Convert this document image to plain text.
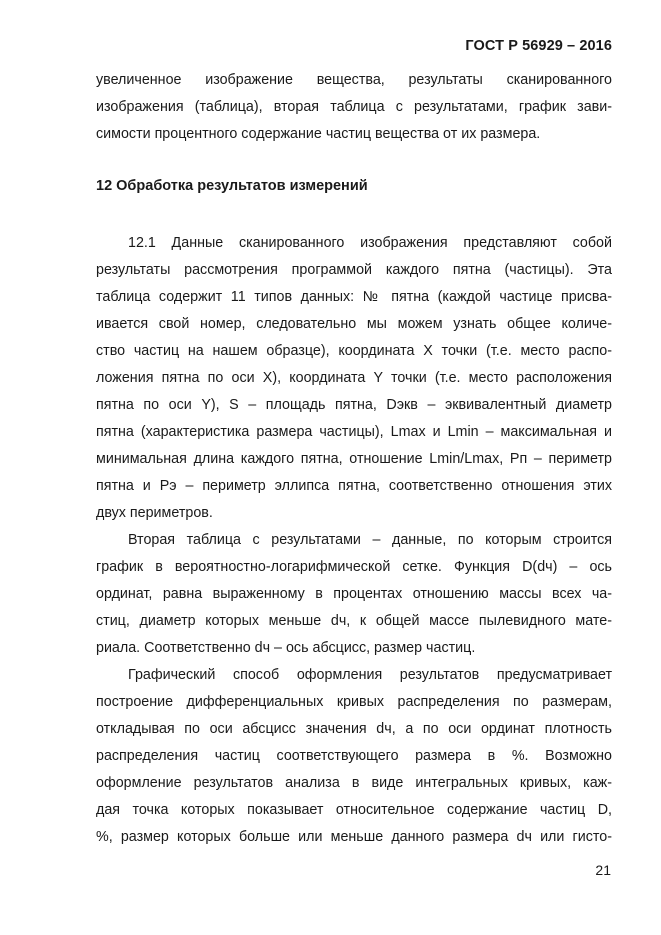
ГОСТ Р 56929 – 2016
увеличенное изображение вещества, результаты сканированного
изображения (таблица), вторая таблица с результатами, график зави-
симости процентного содержание частиц вещества от их размера.
12 Обработка результатов измерений
12.1 Данные сканированного изображения представляют собой
результаты рассмотрения программой каждого пятна (частицы). Эта
таблица содержит 11 типов данных: № пятна (каждой частице присва-
ивается свой номер, следовательно мы можем узнать общее количе-
ство частиц на нашем образце), координата X точки (т.е. место распо-
ложения пятна по оси X), координата Y точки (т.е. место расположения
пятна по оси Y), S – площадь пятна, Dэкв – эквивалентный диаметр
пятна (характеристика размера частицы), Lmax и Lmin – максимальная и
минимальная длина каждого пятна, отношение Lmin/Lmax, Pп – периметр
пятна и Pэ – периметр эллипса пятна, соответственно отношения этих
двух периметров.
Вторая таблица с результатами – данные, по которым строится
график в вероятностно-логарифмической сетке. Функция D(dч) – ось
ординат, равна выраженному в процентах отношению массы всех ча-
стиц, диаметр которых меньше dч, к общей массе пылевидного мате-
риала. Соответственно dч – ось абсцисс, размер частиц.
Графический способ оформления результатов предусматривает
построение дифференциальных кривых распределения по размерам,
откладывая по оси абсцисс значения dч, а по оси ординат плотность
распределения частиц соответствующего размера в %. Возможно
оформление результатов анализа в виде интегральных кривых, каж-
дая точка которых показывает относительное содержание частиц D,
%, размер которых больше или меньше данного размера dч или гисто-
21
